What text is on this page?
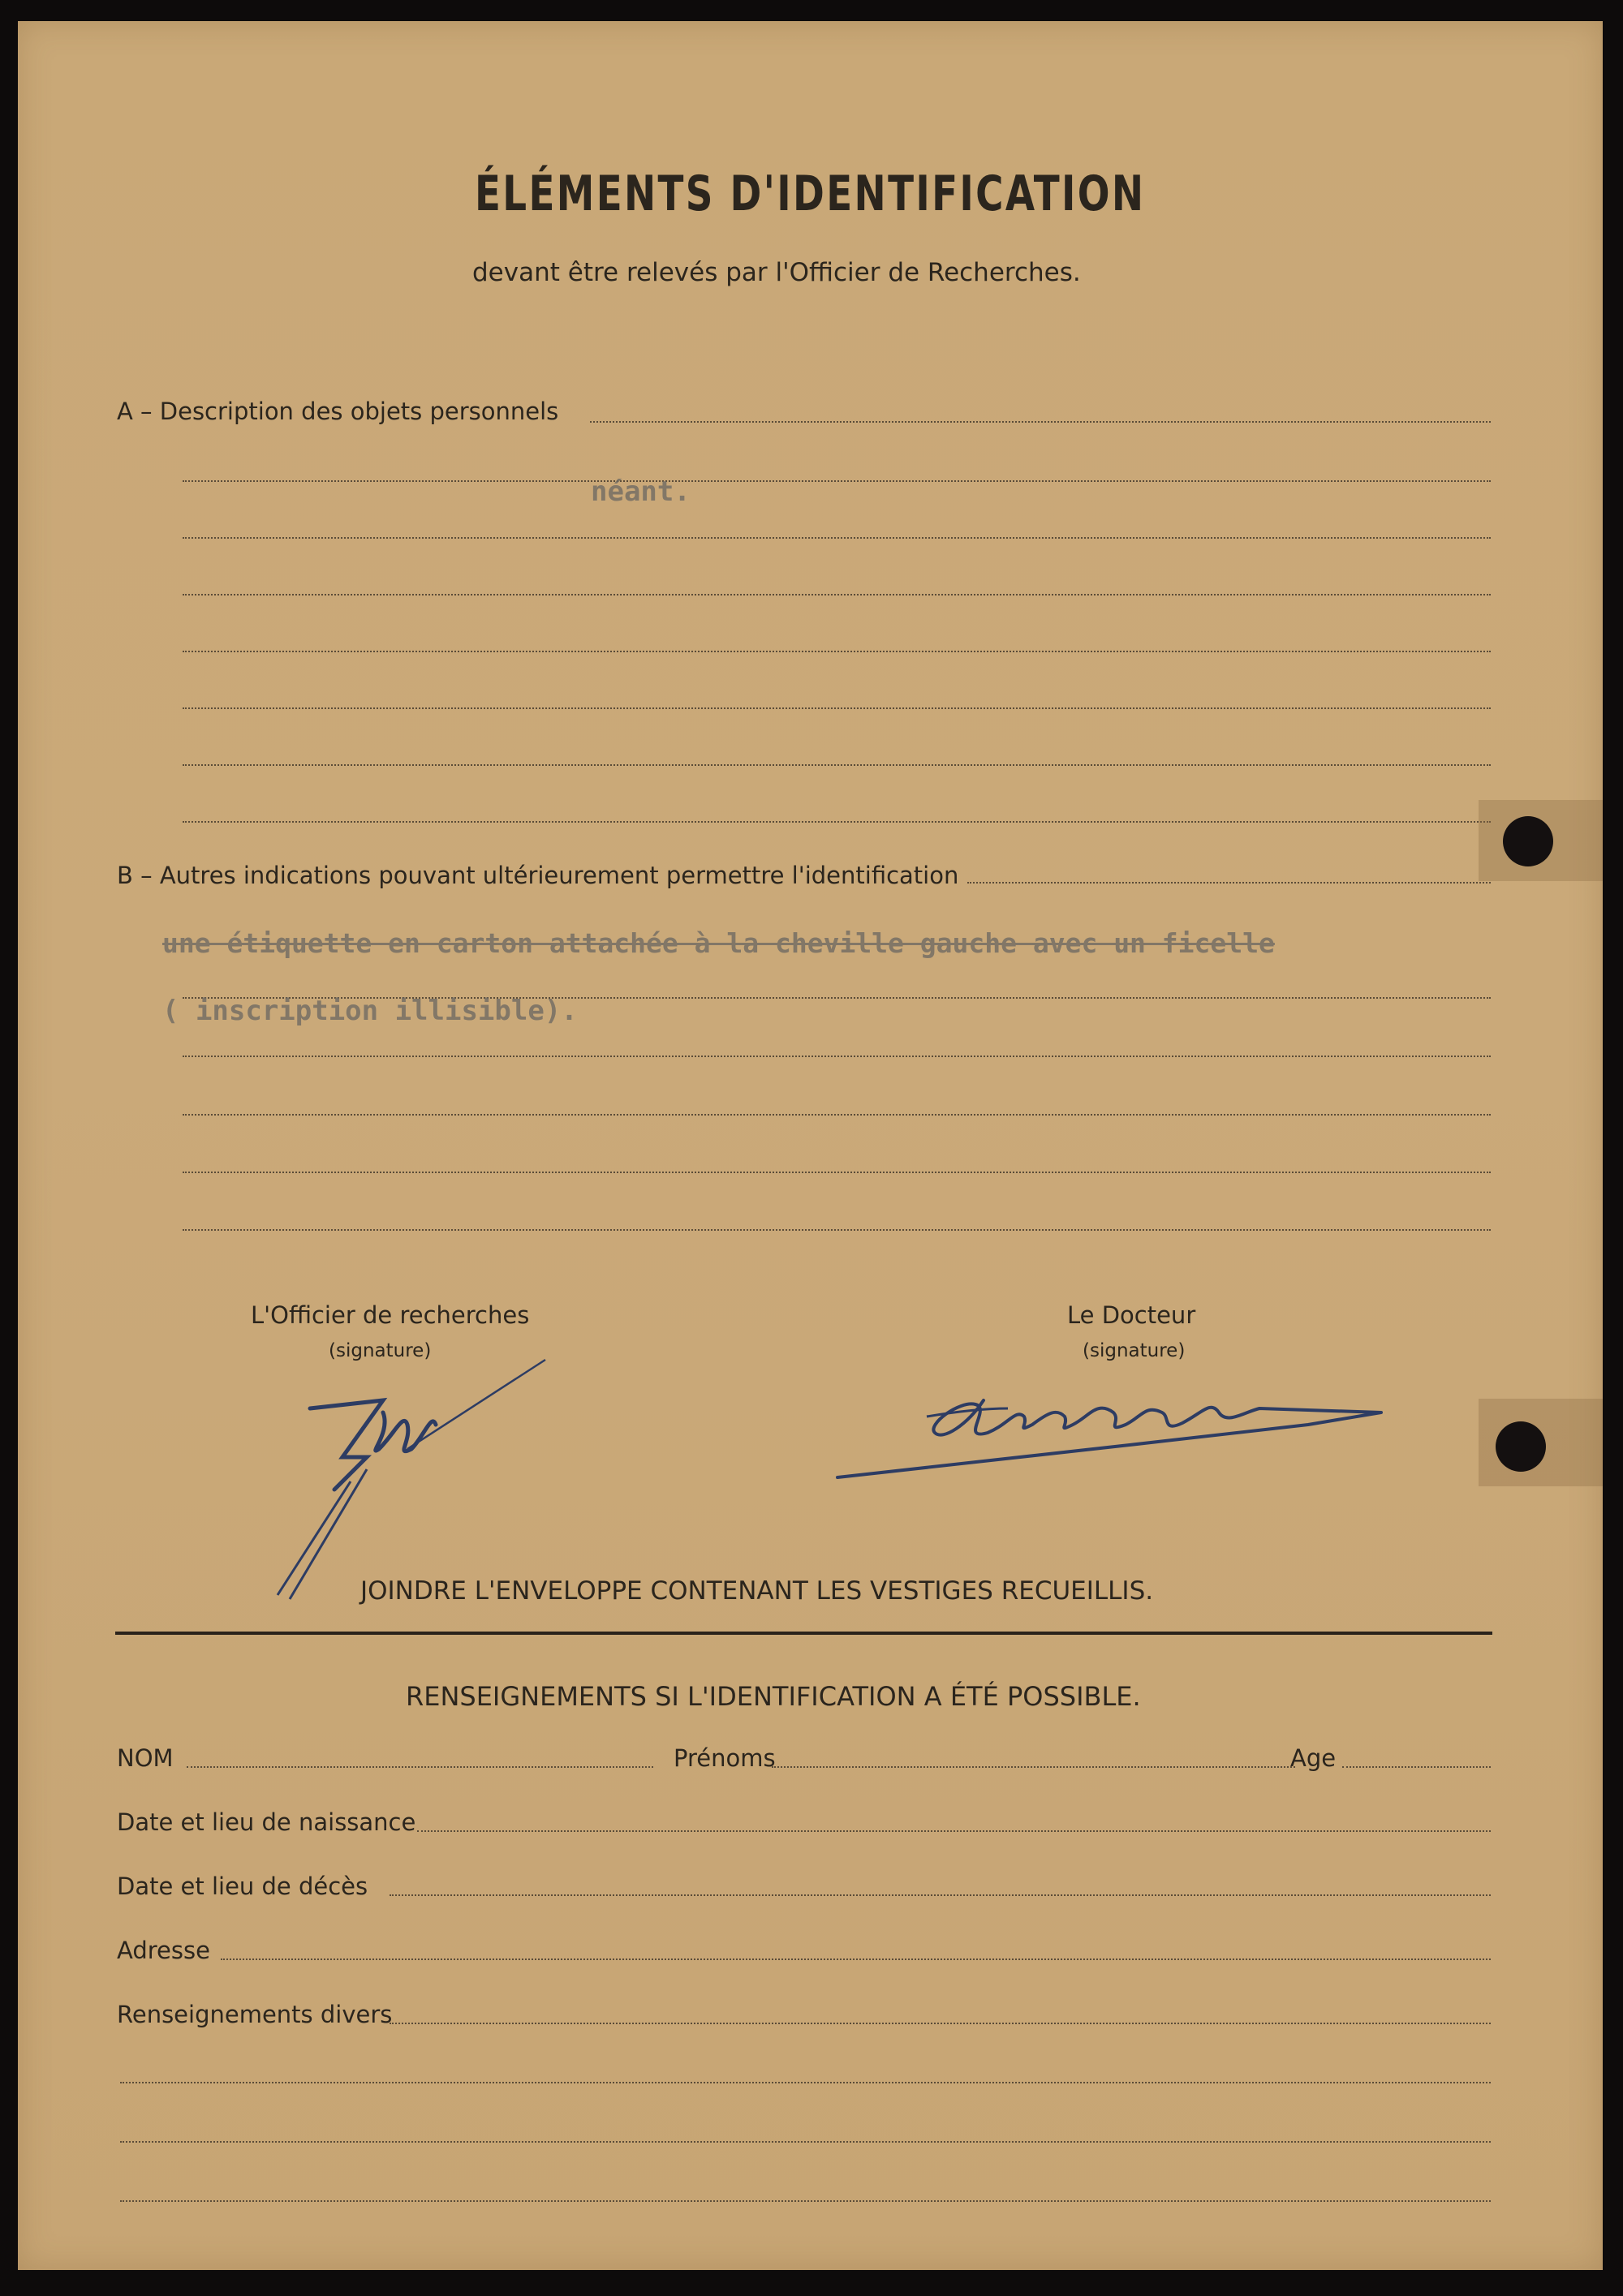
ÉLÉMENTS D'IDENTIFICATION
devant être relevés par l'Officier de Recherches.
A – Description des objets personnels
néant.
B – Autres indications pouvant ultérieurement permettre l'identification
une étiquette en carton attachée à la cheville gauche avec un ficelle
( inscription illisible).
L'Officier de recherches
(signature)
Le Docteur
(signature)
JOINDRE L'ENVELOPPE CONTENANT LES VESTIGES RECUEILLIS.
RENSEIGNEMENTS SI L'IDENTIFICATION A ÉTÉ POSSIBLE.
NOM	Prénoms	Age
Date et lieu de naissance
Date et lieu de décès
Adresse
Renseignements divers
